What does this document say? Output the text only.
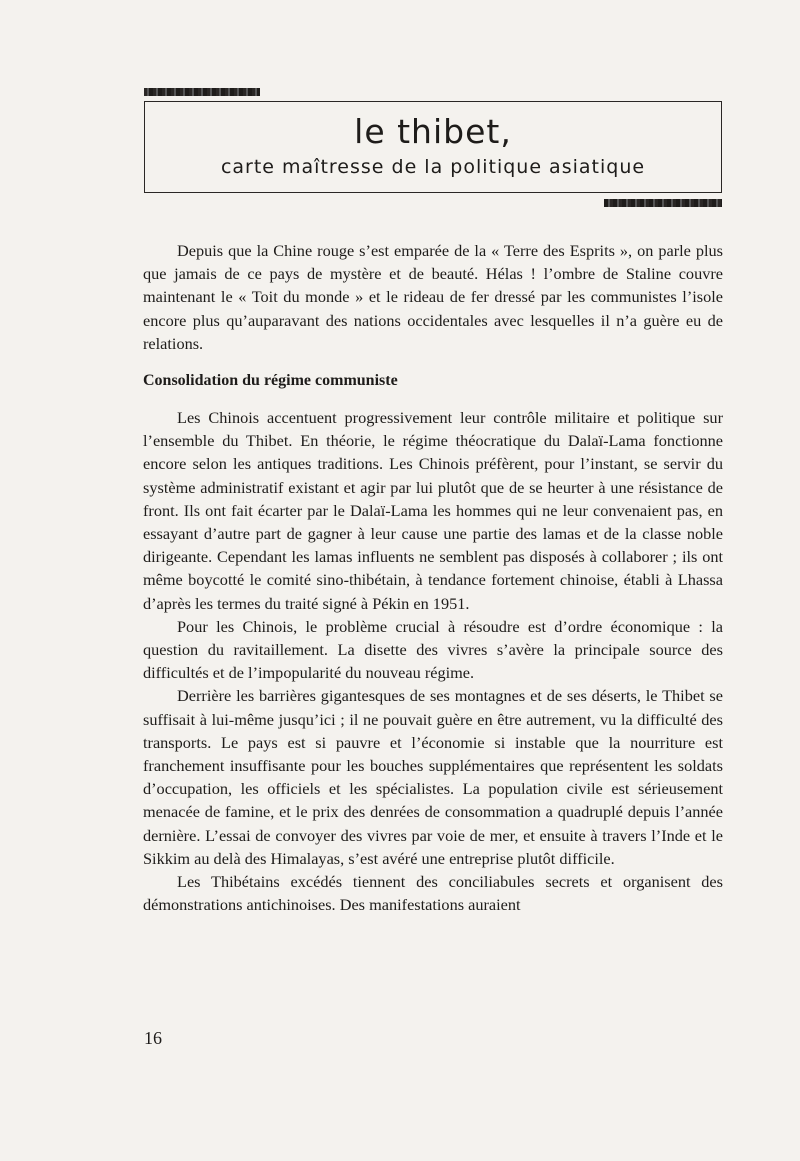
le thibet,
carte maîtresse de la politique asiatique

Depuis que la Chine rouge s’est emparée de la « Terre des Esprits », on parle plus que jamais de ce pays de mystère et de beauté. Hélas ! l’ombre de Staline couvre maintenant le « Toit du monde » et le rideau de fer dressé par les communistes l’isole encore plus qu’auparavant des nations occidentales avec lesquelles il n’a guère eu de relations.

Consolidation du régime communiste

Les Chinois accentuent progressivement leur contrôle militaire et politique sur l’ensemble du Thibet. En théorie, le régime théocratique du Dalaï-Lama fonctionne encore selon les antiques traditions. Les Chinois préfèrent, pour l’instant, se servir du système administratif existant et agir par lui plutôt que de se heurter à une résistance de front. Ils ont fait écarter par le Dalaï-Lama les hommes qui ne leur convenaient pas, en essayant d’autre part de gagner à leur cause une partie des lamas et de la classe noble dirigeante. Cependant les lamas influents ne semblent pas disposés à collaborer ; ils ont même boycotté le comité sino-thibétain, à tendance fortement chinoise, établi à Lhassa d’après les termes du traité signé à Pékin en 1951.

Pour les Chinois, le problème crucial à résoudre est d’ordre économique : la question du ravitaillement. La disette des vivres s’avère la principale source des difficultés et de l’impopularité du nouveau régime.

Derrière les barrières gigantesques de ses montagnes et de ses déserts, le Thibet se suffisait à lui-même jusqu’ici ; il ne pouvait guère en être autrement, vu la difficulté des transports. Le pays est si pauvre et l’économie si instable que la nourriture est franchement insuffisante pour les bouches supplémentaires que représentent les soldats d’occupation, les officiels et les spécialistes. La population civile est sérieusement menacée de famine, et le prix des denrées de consommation a quadruplé depuis l’année dernière. L’essai de convoyer des vivres par voie de mer, et ensuite à travers l’Inde et le Sikkim au delà des Himalayas, s’est avéré une entreprise plutôt difficile.

Les Thibétains excédés tiennent des conciliabules secrets et organisent des démonstrations antichinoises. Des manifestations auraient

16
